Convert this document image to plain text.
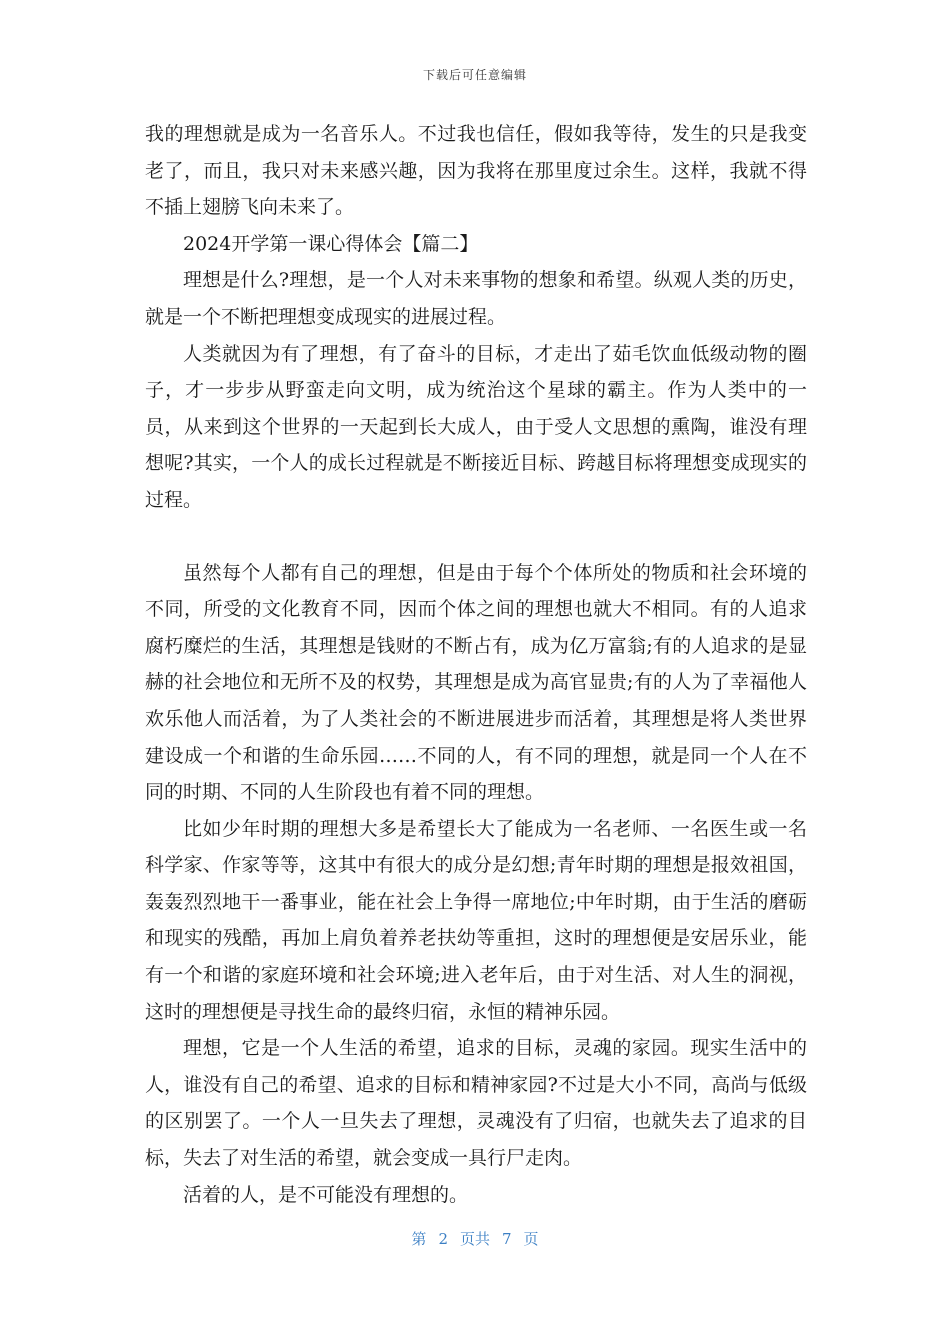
下载后可任意编辑

我的理想就是成为一名音乐人。不过我也信任，假如我等待，发生的只是我变老了，而且，我只对未来感兴趣，因为我将在那里度过余生。这样，我就不得不插上翅膀飞向未来了。

2024开学第一课心得体会【篇二】

理想是什么?理想，是一个人对未来事物的想象和希望。纵观人类的历史，就是一个不断把理想变成现实的进展过程。

人类就因为有了理想，有了奋斗的目标，才走出了茹毛饮血低级动物的圈子，才一步步从野蛮走向文明，成为统治这个星球的霸主。作为人类中的一员，从来到这个世界的一天起到长大成人，由于受人文思想的熏陶，谁没有理想呢?其实，一个人的成长过程就是不断接近目标、跨越目标将理想变成现实的过程。

虽然每个人都有自己的理想，但是由于每个个体所处的物质和社会环境的不同，所受的文化教育不同，因而个体之间的理想也就大不相同。有的人追求腐朽糜烂的生活，其理想是钱财的不断占有，成为亿万富翁;有的人追求的是显赫的社会地位和无所不及的权势，其理想是成为高官显贵;有的人为了幸福他人欢乐他人而活着，为了人类社会的不断进展进步而活着，其理想是将人类世界建设成一个和谐的生命乐园……不同的人，有不同的理想，就是同一个人在不同的时期、不同的人生阶段也有着不同的理想。

比如少年时期的理想大多是希望长大了能成为一名老师、一名医生或一名科学家、作家等等，这其中有很大的成分是幻想;青年时期的理想是报效祖国，轰轰烈烈地干一番事业，能在社会上争得一席地位;中年时期，由于生活的磨砺和现实的残酷，再加上肩负着养老扶幼等重担，这时的理想便是安居乐业，能有一个和谐的家庭环境和社会环境;进入老年后，由于对生活、对人生的洞视，这时的理想便是寻找生命的最终归宿，永恒的精神乐园。

理想，它是一个人生活的希望，追求的目标，灵魂的家园。现实生活中的人，谁没有自己的希望、追求的目标和精神家园?不过是大小不同，高尚与低级的区别罢了。一个人一旦失去了理想，灵魂没有了归宿，也就失去了追求的目标，失去了对生活的希望，就会变成一具行尸走肉。

活着的人，是不可能没有理想的。

第 2 页共 7 页
